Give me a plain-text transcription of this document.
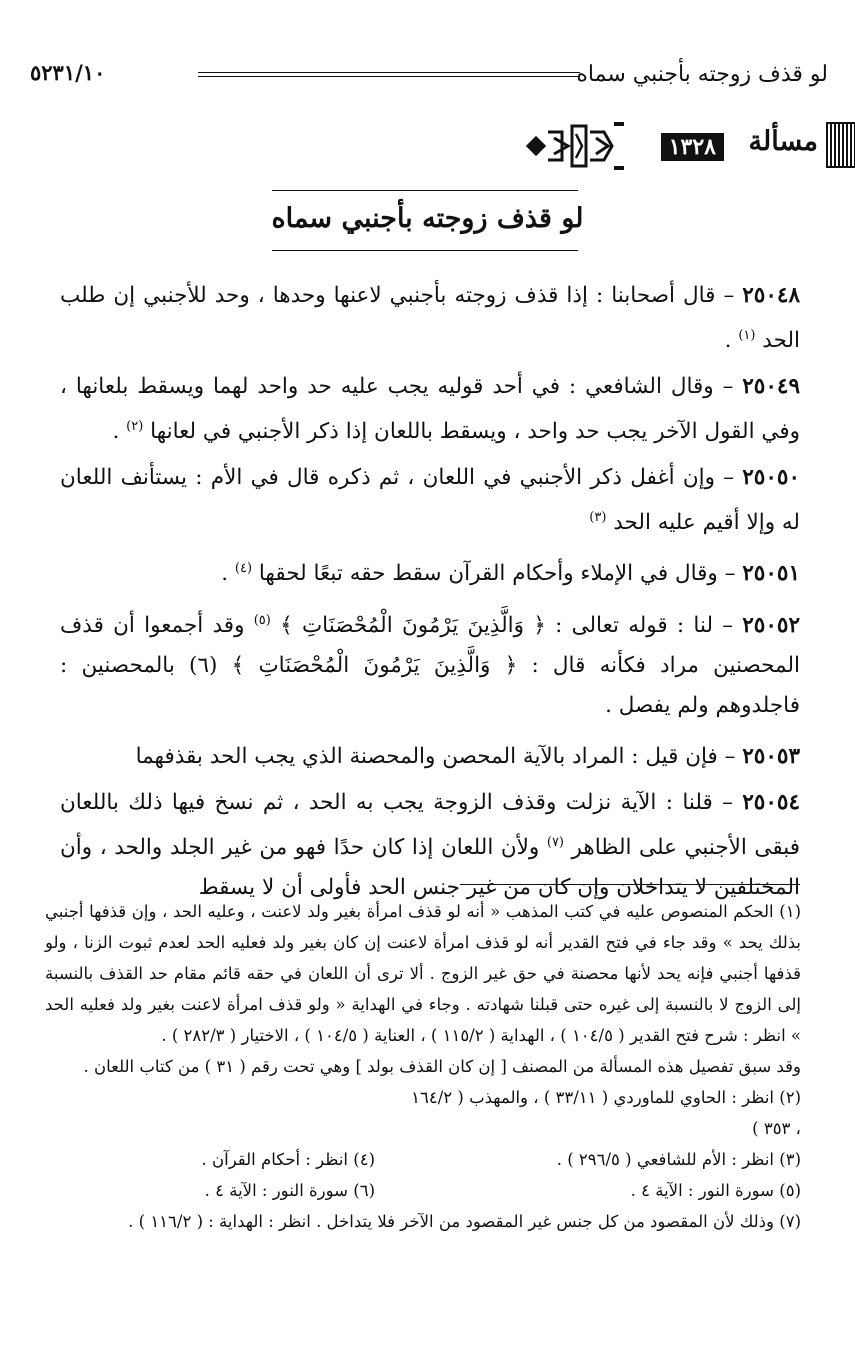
لو قذف زوجته بأجنبي سماه
٥٢٣١/١٠
مسألة
١٣٢٨
لو قذف زوجته بأجنبي سماه

٢٥٠٤٨ – قال أصحابنا : إذا قذف زوجته بأجنبي لاعنها وحدها ، وحد للأجنبي إن طلب الحد $^{(١)}$ .

٢٥٠٤٩ – وقال الشافعي : في أحد قوليه يجب عليه حد واحد لهما ويسقط بلعانها ، وفي القول الآخر يجب حد واحد ، ويسقط باللعان إذا ذكر الأجنبي في لعانها $^{(٢)}$ .

٢٥٠٥٠ – وإن أغفل ذكر الأجنبي في اللعان ، ثم ذكره قال في الأم : يستأنف اللعان له وإلا أقيم عليه الحد $^{(٣)}$

٢٥٠٥١ – وقال في الإملاء وأحكام القرآن سقط حقه تبعًا لحقها $^{(٤)}$ .

٢٥٠٥٢ – لنا : قوله تعالى : ﴿ وَالَّذِينَ يَرْمُونَ الْمُحْصَنَاتِ ﴾ $^{(٥)}$ وقد أجمعوا أن قذف المحصنين مراد فكأنه قال : ﴿ وَالَّذِينَ يَرْمُونَ الْمُحْصَنَاتِ ﴾ (٦) بالمحصنين : فاجلدوهم ولم يفصل .

٢٥٠٥٣ – فإن قيل : المراد بالآية المحصن والمحصنة الذي يجب الحد بقذفهما

٢٥٠٥٤ – قلنا : الآية نزلت وقذف الزوجة يجب به الحد ، ثم نسخ فيها ذلك باللعان فبقى الأجنبي على الظاهر $^{(٧)}$ ولأن اللعان إذا كان حدًا فهو من غير الجلد والحد ، وأن المختلفين لا يتداخلان وإن كان من غير جنس الحد فأولى أن لا يسقط

(١) الحكم المنصوص عليه في كتب المذهب « أنه لو قذف امرأة بغير ولد لاعنت ، وعليه الحد ، وإن قذفها أجنبي بذلك يحد » وقد جاء في فتح القدير أنه لو قذف امرأة لاعنت إن كان بغير ولد فعليه الحد لعدم ثبوت الزنا ، ولو قذفها أجنبي فإنه يحد لأنها محصنة في حق غير الزوج . ألا ترى أن اللعان في حقه قائم مقام حد القذف بالنسبة إلى الزوج لا بالنسبة إلى غيره حتى قبلنا شهادته . وجاء في الهداية « ولو قذف امرأة لاعنت بغير ولد فعليه الحد » انظر : شرح فتح القدير ( ١٠٤/٥ ) ، الهداية ( ١١٥/٢ ) ، العناية ( ١٠٤/٥ ) ، الاختيار ( ٢٨٢/٣ ) .

وقد سبق تفصيل هذه المسألة من المصنف [ إن كان القذف بولد ] وهي تحت رقم ( ٣١ ) من كتاب اللعان .

(٢) انظر : الحاوي للماوردي ( ٣٣/١١ ) ، والمهذب ( ١٦٤/٢ ، ٣٥٣ )
(٣) انظر : الأم للشافعي ( ٢٩٦/٥ ) .
(٤) انظر : أحكام القرآن .
(٥) سورة النور : الآية ٤ .
(٦) سورة النور : الآية ٤ .

(٧) وذلك لأن المقصود من كل جنس غير المقصود من الآخر فلا يتداخل . انظر : الهداية : ( ١١٦/٢ ) .
